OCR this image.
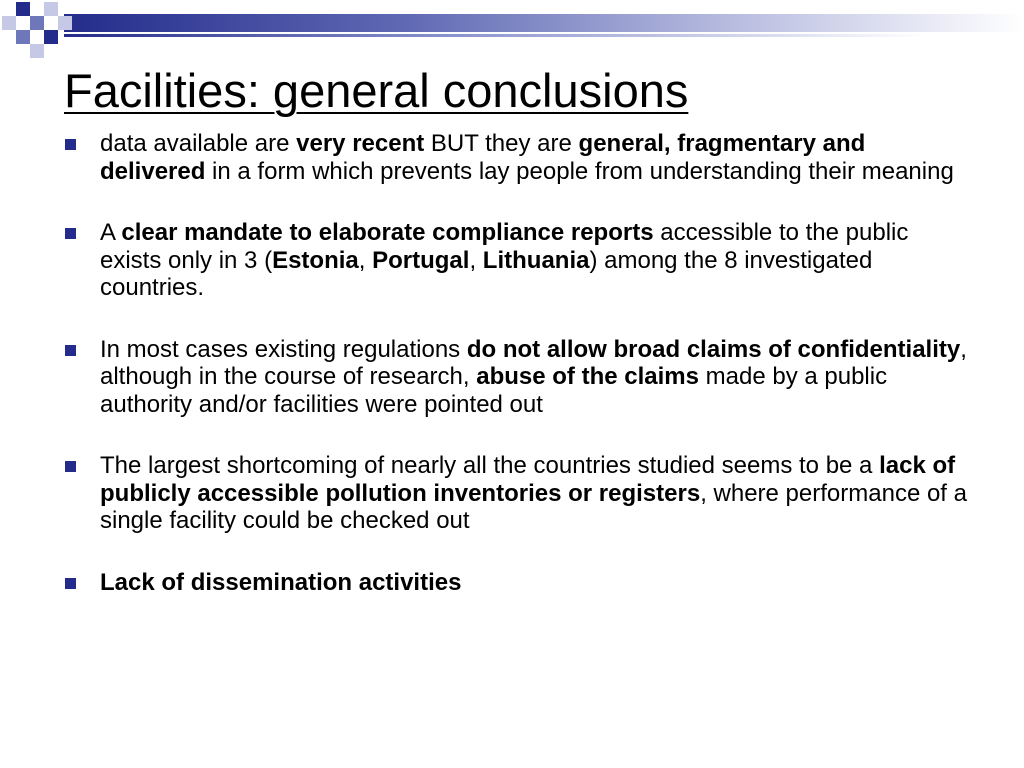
Facilities: general conclusions
data available are very recent BUT they are general, fragmentary and delivered in a form which prevents lay people from understanding their meaning
A clear mandate to elaborate compliance reports accessible to the public exists only in 3 (Estonia, Portugal, Lithuania) among the 8 investigated countries.
In most cases existing regulations do not allow broad claims of confidentiality, although in the course of research, abuse of the claims made by a public authority and/or facilities were pointed out
The largest shortcoming of nearly all the countries studied seems to be a lack of publicly accessible pollution inventories or registers, where performance of a single facility could be checked out
Lack of dissemination activities
